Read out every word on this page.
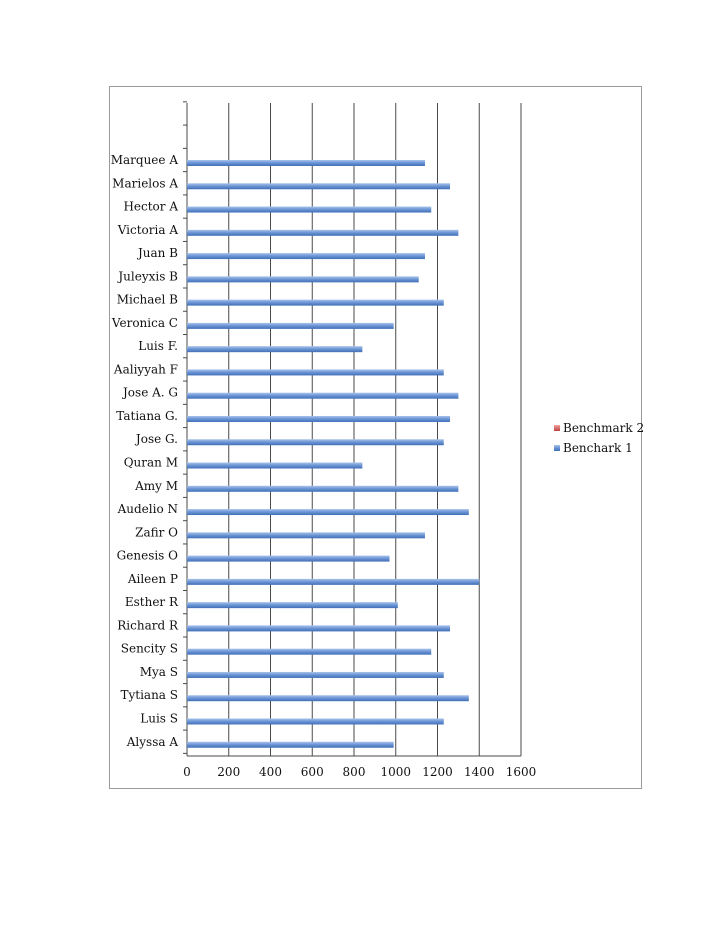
Marquee A
Marielos A
Hector A
Victoria A
Juan B
Juleyxis B
Michael B
Veronica C
Luis F.
Aaliyyah F
Jose A. G
Tatiana G.
Jose G.
Quran M
Amy M
Audelio N
Zafir O
Genesis O
Aileen P
Esther R
Richard R
Sencity S
Mya S
Tytiana S
Luis S
Alyssa A
0 200 400 600 800 1000 1200 1400 1600
Benchmark 2
Benchark 1
